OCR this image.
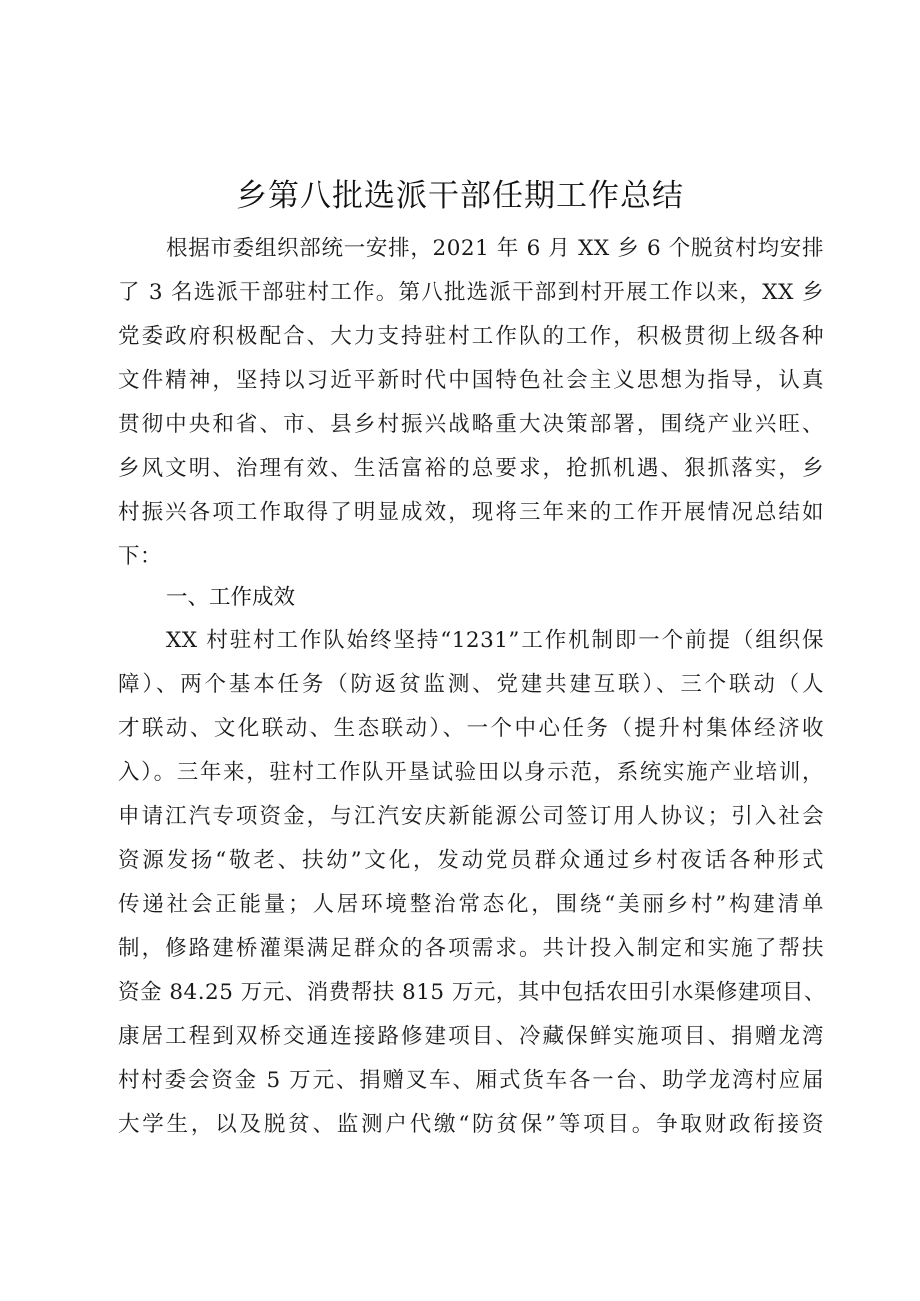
乡第八批选派干部任期工作总结
根据市委组织部统一安排，2021 年 6 月 XX 乡 6 个脱贫村均安排
了 3 名选派干部驻村工作。第八批选派干部到村开展工作以来，XX 乡
党委政府积极配合、大力支持驻村工作队的工作，积极贯彻上级各种
文件精神，坚持以习近平新时代中国特色社会主义思想为指导，认真
贯彻中央和省、市、县乡村振兴战略重大决策部署，围绕产业兴旺、
乡风文明、治理有效、生活富裕的总要求，抢抓机遇、狠抓落实，乡
村振兴各项工作取得了明显成效，现将三年来的工作开展情况总结如
下：
一、工作成效
XX 村驻村工作队始终坚持“1231”工作机制即一个前提（组织保
障）、两个基本任务（防返贫监测、党建共建互联）、三个联动（人
才联动、文化联动、生态联动）、一个中心任务（提升村集体经济收
入）。三年来，驻村工作队开垦试验田以身示范，系统实施产业培训，
申请江汽专项资金，与江汽安庆新能源公司签订用人协议；引入社会
资源发扬“敬老、扶幼”文化，发动党员群众通过乡村夜话各种形式
传递社会正能量；人居环境整治常态化，围绕“美丽乡村”构建清单
制，修路建桥灌渠满足群众的各项需求。共计投入制定和实施了帮扶
资金 84.25 万元、消费帮扶 815 万元，其中包括农田引水渠修建项目、
康居工程到双桥交通连接路修建项目、冷藏保鲜实施项目、捐赠龙湾
村村委会资金 5 万元、捐赠叉车、厢式货车各一台、助学龙湾村应届
大学生，以及脱贫、监测户代缴“防贫保”等项目。争取财政衔接资
